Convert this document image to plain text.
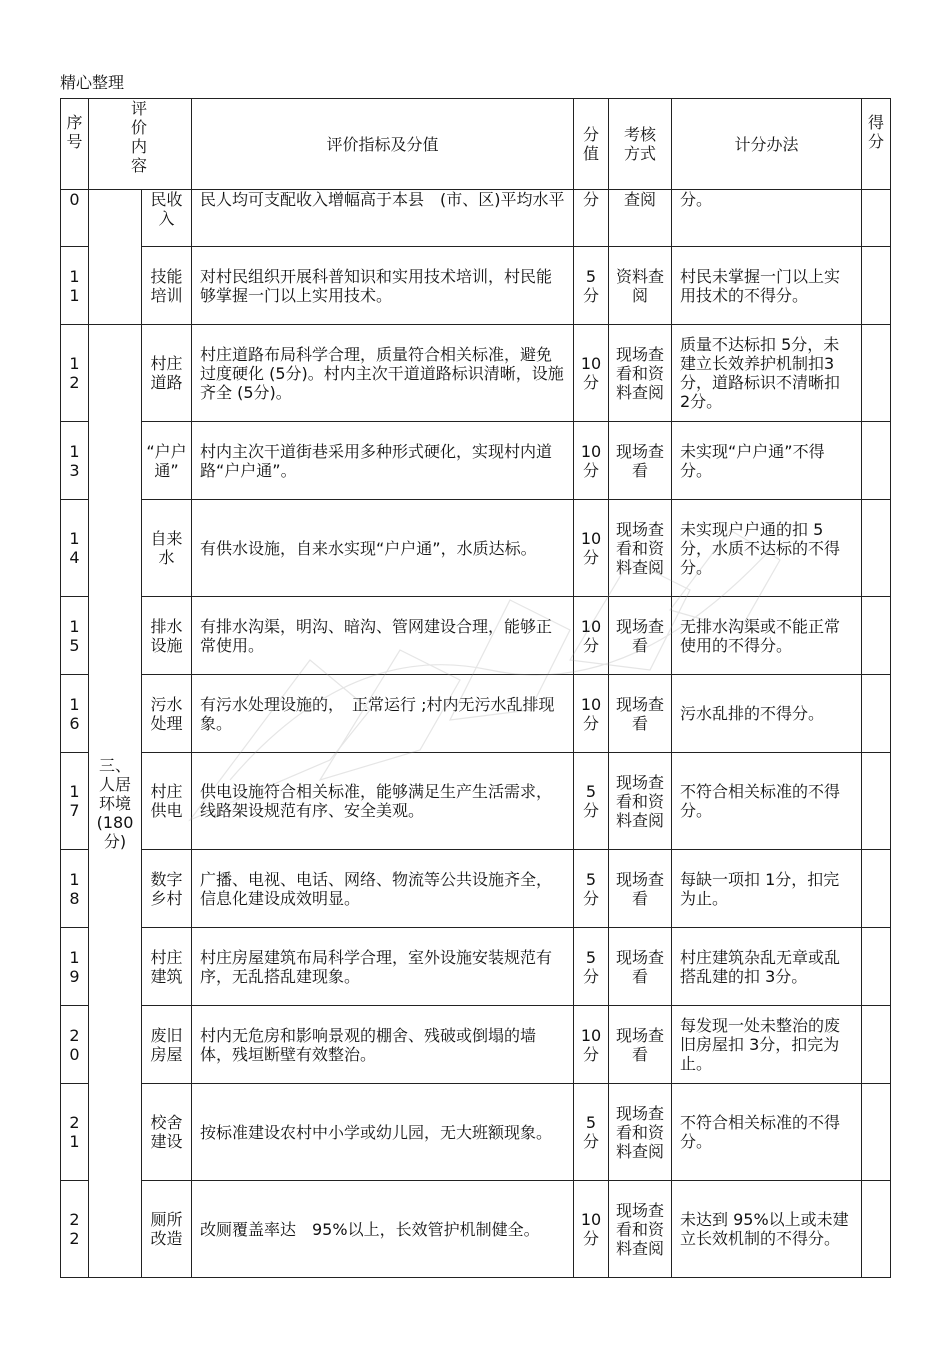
精心整理
序号	评价内容		评价指标及分值	分值	考核方式	计分办法	得分
0		民收入	民人均可支配收入增幅高于本县　(市、区)平均水平	分	查阅	分。	
11		技能培训	对村民组织开展科普知识和实用技术培训，村民能够掌握一门以上实用技术。	5分	资料查阅	村民未掌握一门以上实用技术的不得分。	
12	三、人居环境(180分)	村庄道路	村庄道路布局科学合理，质量符合相关标准，避免过度硬化 (5分)。村内主次干道道路标识清晰，设施齐全 (5分)。	10分	现场查看和资料查阅	质量不达标扣 5分，未建立长效养护机制扣3分，道路标识不清晰扣 2分。	
13		“户户通”	村内主次干道街巷采用多种形式硬化，实现村内道路“户户通”。	10分	现场查看	未实现“户户通”不得分。	
14		自来水	有供水设施，自来水实现“户户通”，水质达标。	10分	现场查看和资料查阅	未实现户户通的扣 5分，水质不达标的不得分。	
15		排水设施	有排水沟渠，明沟、暗沟、管网建设合理，能够正常使用。	10分	现场查看	无排水沟渠或不能正常使用的不得分。	
16		污水处理	有污水处理设施的，　正常运行 ;村内无污水乱排现象。	10分	现场查看	污水乱排的不得分。	
17		村庄供电	供电设施符合相关标准，能够满足生产生活需求，线路架设规范有序、安全美观。	5分	现场查看和资料查阅	不符合相关标准的不得分。	
18		数字乡村	广播、电视、电话、网络、物流等公共设施齐全，信息化建设成效明显。	5分	现场查看	每缺一项扣 1分，扣完为止。	
19		村庄建筑	村庄房屋建筑布局科学合理，室外设施安装规范有序，无乱搭乱建现象。	5分	现场查看	村庄建筑杂乱无章或乱搭乱建的扣 3分。	
20		废旧房屋	村内无危房和影响景观的棚舍、残破或倒塌的墙体，残垣断壁有效整治。	10分	现场查看	每发现一处未整治的废旧房屋扣 3分，扣完为止。	
21		校舍建设	按标准建设农村中小学或幼儿园，无大班额现象。	5分	现场查看和资料查阅	不符合相关标准的不得分。	
22		厕所改造	改厕覆盖率达　95%以上，长效管护机制健全。	10分	现场查看和资料查阅	未达到 95%以上或未建立长效机制的不得分。	
